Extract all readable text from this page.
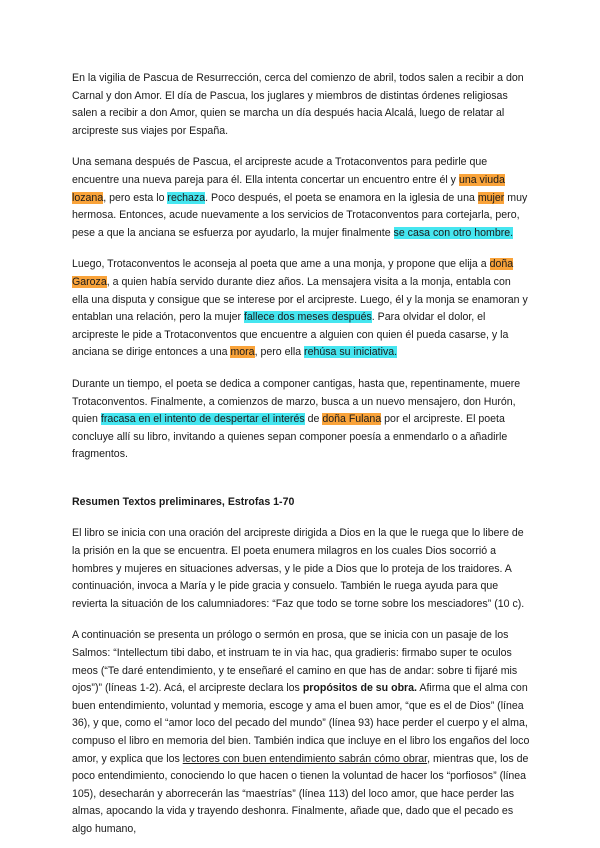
En la vigilia de Pascua de Resurrección, cerca del comienzo de abril, todos salen a recibir a don Carnal y don Amor. El día de Pascua, los juglares y miembros de distintas órdenes religiosas salen a recibir a don Amor, quien se marcha un día después hacia Alcalá, luego de relatar al arcipreste sus viajes por España.

Una semana después de Pascua, el arcipreste acude a Trotaconventos para pedirle que encuentre una nueva pareja para él. Ella intenta concertar un encuentro entre él y una viuda lozana, pero esta lo rechaza. Poco después, el poeta se enamora en la iglesia de una mujer muy hermosa. Entonces, acude nuevamente a los servicios de Trotaconventos para cortejarla, pero, pese a que la anciana se esfuerza por ayudarlo, la mujer finalmente se casa con otro hombre.

Luego, Trotaconventos le aconseja al poeta que ame a una monja, y propone que elija a doña Garoza, a quien había servido durante diez años. La mensajera visita a la monja, entabla con ella una disputa y consigue que se interese por el arcipreste. Luego, él y la monja se enamoran y entablan una relación, pero la mujer fallece dos meses después. Para olvidar el dolor, el arcipreste le pide a Trotaconventos que encuentre a alguien con quien él pueda casarse, y la anciana se dirige entonces a una mora, pero ella rehúsa su iniciativa.

Durante un tiempo, el poeta se dedica a componer cantigas, hasta que, repentinamente, muere Trotaconventos. Finalmente, a comienzos de marzo, busca a un nuevo mensajero, don Hurón, quien fracasa en el intento de despertar el interés de doña Fulana por el arcipreste. El poeta concluye allí su libro, invitando a quienes sepan componer poesía a enmendarlo o a añadirle fragmentos.

Resumen Textos preliminares, Estrofas 1-70

El libro se inicia con una oración del arcipreste dirigida a Dios en la que le ruega que lo libere de la prisión en la que se encuentra. El poeta enumera milagros en los cuales Dios socorrió a hombres y mujeres en situaciones adversas, y le pide a Dios que lo proteja de los traidores. A continuación, invoca a María y le pide gracia y consuelo. También le ruega ayuda para que revierta la situación de los calumniadores: “Faz que todo se torne sobre los mesciadores” (10 c).

A continuación se presenta un prólogo o sermón en prosa, que se inicia con un pasaje de los Salmos: “Intellectum tibi dabo, et instruam te in via hac, qua gradieris: firmabo super te oculos meos (“Te daré entendimiento, y te enseñaré el camino en que has de andar: sobre ti fijaré mis ojos”)” (líneas 1-2). Acá, el arcipreste declara los propósitos de su obra. Afirma que el alma con buen entendimiento, voluntad y memoria, escoge y ama el buen amor, “que es el de Dios” (línea 36), y que, como el “amor loco del pecado del mundo” (línea 93) hace perder el cuerpo y el alma, compuso el libro en memoria del bien. También indica que incluye en el libro los engaños del loco amor, y explica que los lectores con buen entendimiento sabrán cómo obrar, mientras que, los de poco entendimiento, conociendo lo que hacen o tienen la voluntad de hacer los “porfiosos” (línea 105), desecharán y aborrecerán las “maestrías” (línea 113) del loco amor, que hace perder las almas, apocando la vida y trayendo deshonra. Finalmente, añade que, dado que el pecado es algo humano,
